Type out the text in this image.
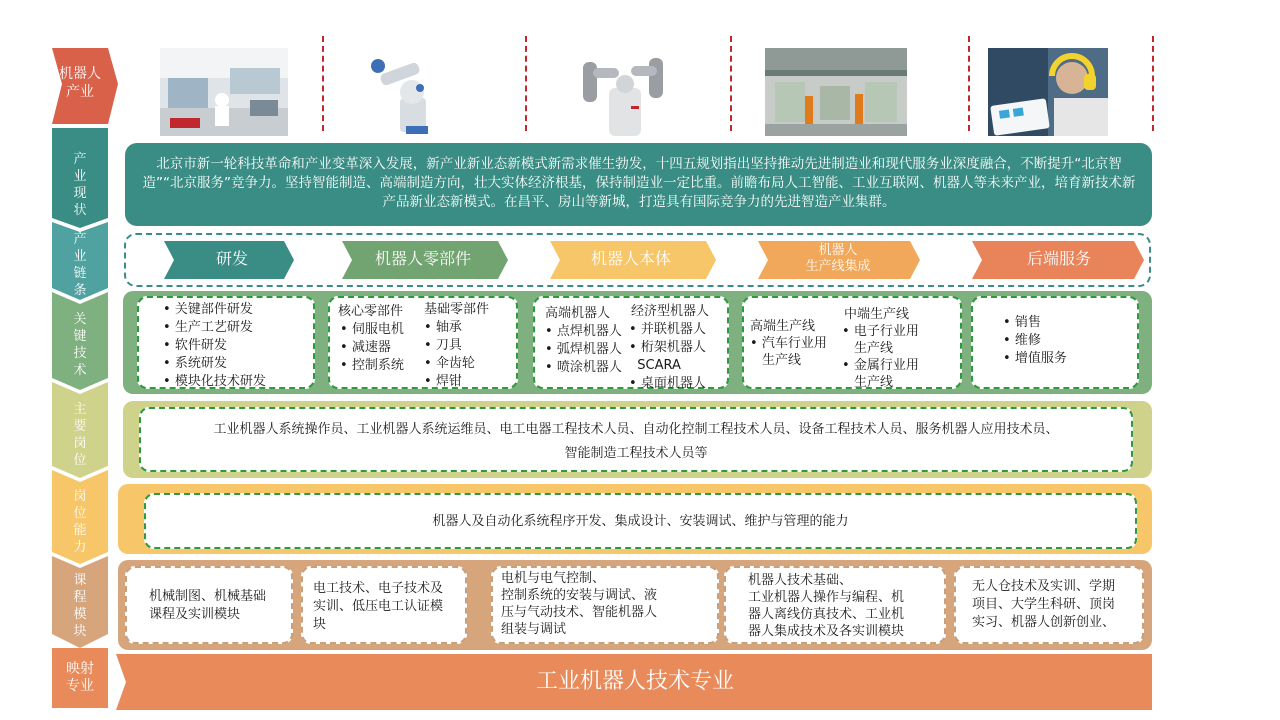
机器人产业
产业现状
产业链条
关键技术
主要岗位
岗位能力
课程模块
映射专业
北京市新一轮科技革命和产业变革深入发展，新产业新业态新模式新需求催生勃发，十四五规划指出坚持推动先进制造业和现代服务业深度融合，不断提升“北京智造”“北京服务”竞争力。坚持智能制造、高端制造方向，壮大实体经济根基，保持制造业一定比重。前瞻布局人工智能、工业互联网、机器人等未来产业，培育新技术新产品新业态新模式。在昌平、房山等新城，打造具有国际竞争力的先进智造产业集群。
研发	机器人零部件	机器人本体	机器人
生产线集成	后端服务
• 关键部件研发
• 生产工艺研发
• 软件研发
• 系统研发
• 模块化技术研发
核心零部件
• 伺服电机
• 减速器
• 控制系统
基础零部件
• 轴承
• 刀具
• 伞齿轮
• 焊钳
高端机器人
• 点焊机器人
• 弧焊机器人
• 喷涂机器人
经济型机器人
• 并联机器人
• 桁架机器人
SCARA
• 桌面机器人
高端生产线
• 汽车行业用
生产线
中端生产线
• 电子行业用
生产线
• 金属行业用
生产线
• 销售
• 维修
• 增值服务
工业机器人系统操作员、工业机器人系统运维员、电工电器工程技术人员、自动化控制工程技术人员、设备工程技术人员、服务机器人应用技术员、
智能制造工程技术人员等
机器人及自动化系统程序开发、集成设计、安装调试、维护与管理的能力
机械制图、机械基础
课程及实训模块
电工技术、电子技术及
实训、低压电工认证模
块
电机与电气控制、
控制系统的安装与调试、液
压与气动技术、智能机器人
组装与调试
机器人技术基础、
工业机器人操作与编程、机
器人离线仿真技术、工业机
器人集成技术及各实训模块
无人仓技术及实训、学期
项目、大学生科研、顶岗
实习、机器人创新创业、
工业机器人技术专业
